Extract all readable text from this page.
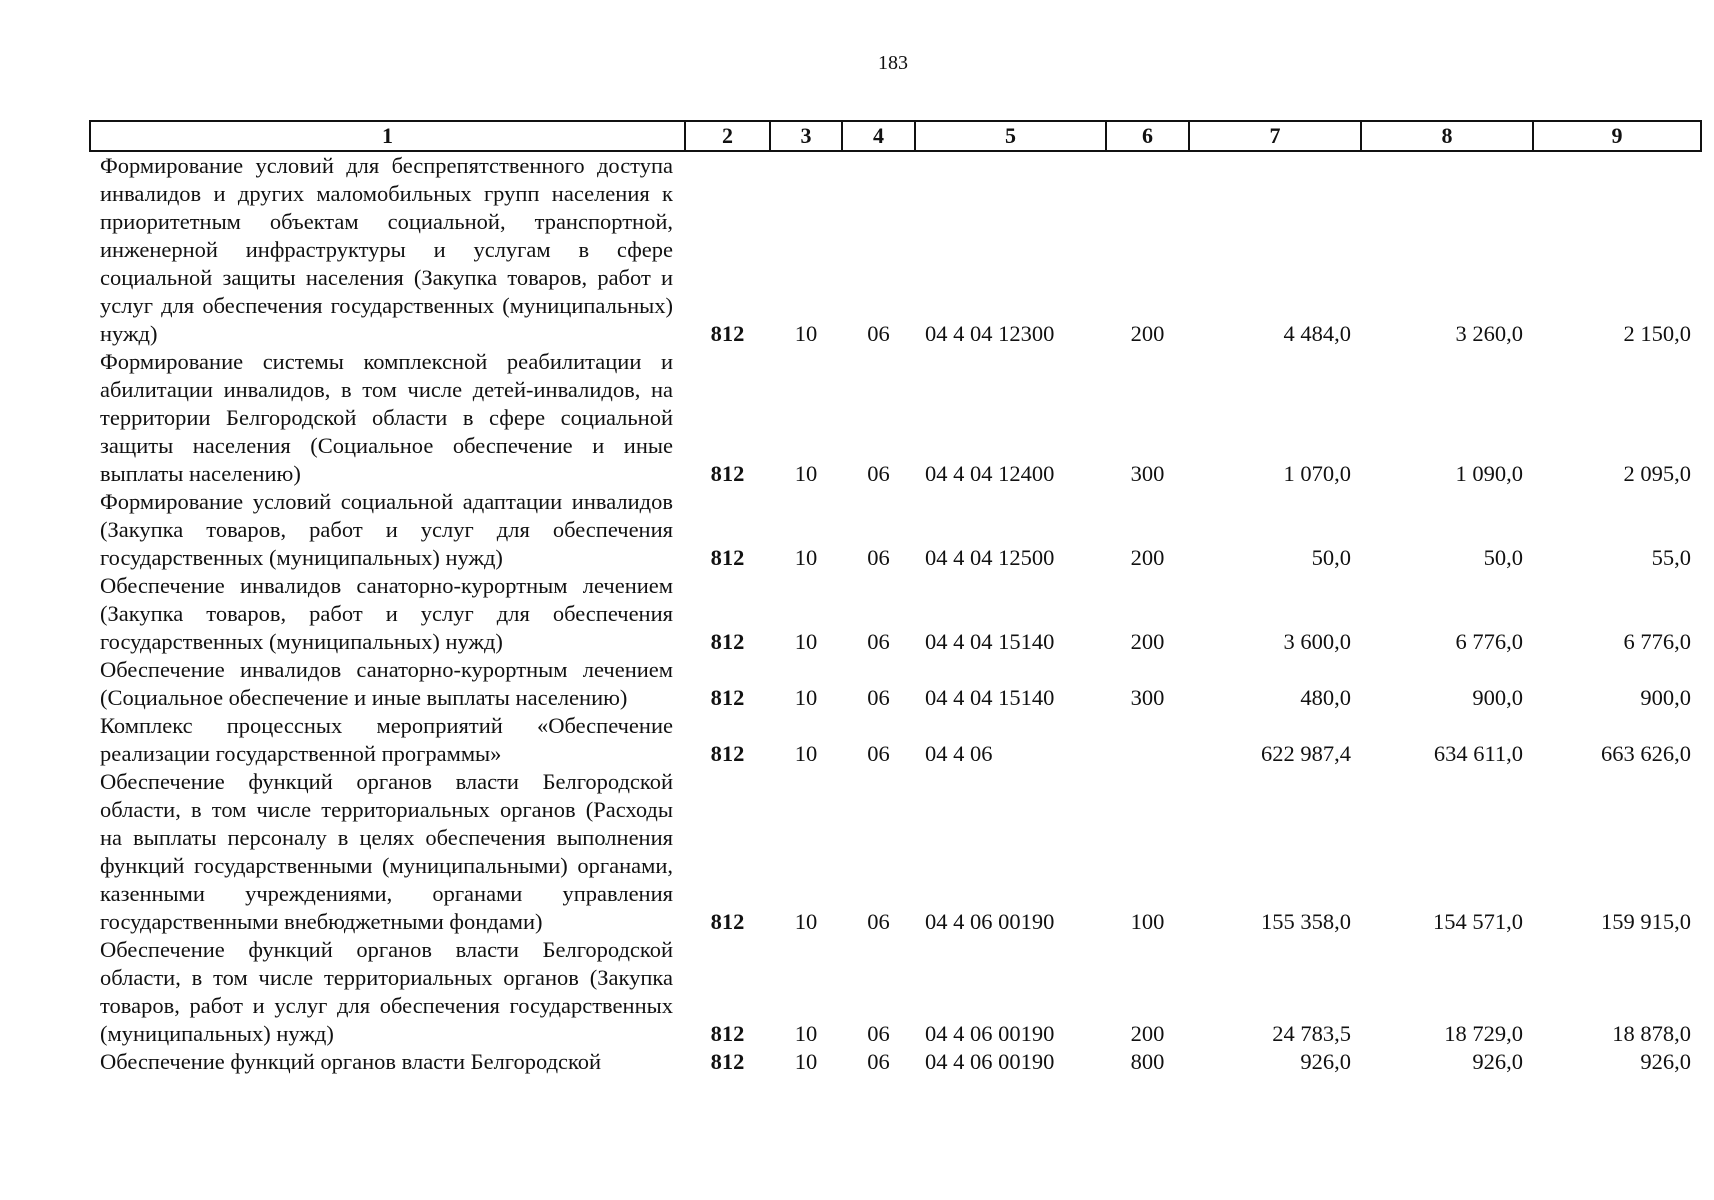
183
1	2	3	4	5	6	7	8	9
Формирование условий для беспрепятственного доступа инвалидов и других маломобильных групп населения к приоритетным объектам социальной, транспортной, инженерной инфраструктуры и услугам в сфере социальной защиты населения (Закупка товаров, работ и услуг для обеспечения государственных (муниципальных) нужд)	812	10	06	04 4 04 12300	200	4 484,0	3 260,0	2 150,0
Формирование системы комплексной реабилитации и абилитации инвалидов, в том числе детей-инвалидов, на территории Белгородской области в сфере социальной защиты населения (Социальное обеспечение и иные выплаты населению)	812	10	06	04 4 04 12400	300	1 070,0	1 090,0	2 095,0
Формирование условий социальной адаптации инвалидов (Закупка товаров, работ и услуг для обеспечения государственных (муниципальных) нужд)	812	10	06	04 4 04 12500	200	50,0	50,0	55,0
Обеспечение инвалидов санаторно-курортным лечением (Закупка товаров, работ и услуг для обеспечения государственных (муниципальных) нужд)	812	10	06	04 4 04 15140	200	3 600,0	6 776,0	6 776,0
Обеспечение инвалидов санаторно-курортным лечением (Социальное обеспечение и иные выплаты населению)	812	10	06	04 4 04 15140	300	480,0	900,0	900,0
Комплекс процессных мероприятий «Обеспечение реализации государственной программы»	812	10	06	04 4 06		622 987,4	634 611,0	663 626,0
Обеспечение функций органов власти Белгородской области, в том числе территориальных органов (Расходы на выплаты персоналу в целях обеспечения выполнения функций государственными (муниципальными) органами, казенными учреждениями, органами управления государственными внебюджетными фондами)	812	10	06	04 4 06 00190	100	155 358,0	154 571,0	159 915,0
Обеспечение функций органов власти Белгородской области, в том числе территориальных органов (Закупка товаров, работ и услуг для обеспечения государственных (муниципальных) нужд)	812	10	06	04 4 06 00190	200	24 783,5	18 729,0	18 878,0
Обеспечение функций органов власти Белгородской	812	10	06	04 4 06 00190	800	926,0	926,0	926,0
